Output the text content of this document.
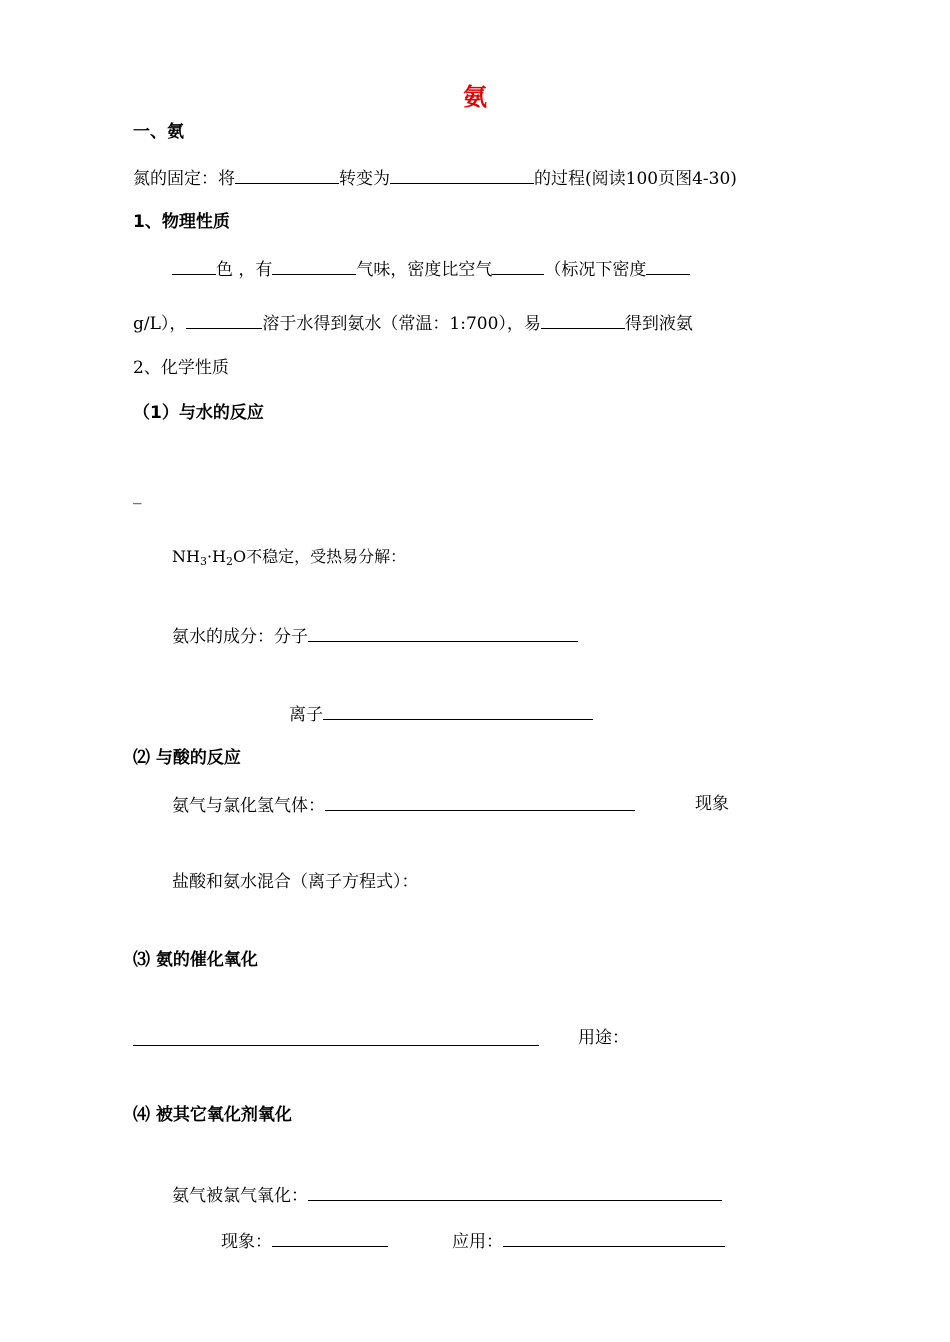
氨
一、氨
氮的固定：将	转变为	的过程(阅读100页图4-30)
1、物理性质
色 ，有	气味，密度比空气	（标况下密度
g/L），	溶于水得到氨水（常温：1:700），易	得到液氨
2、化学性质
（1）与水的反应
_
$NH_3\cdot H_2O$不稳定，受热易分解：
氨水的成分：分子
离子
⑵ 与酸的反应
氨气与氯化氢气体：	现象
盐酸和氨水混合（离子方程式）：
⑶ 氨的催化氧化
用途：
⑷ 被其它氧化剂氧化
氨气被氯气氧化：
现象：	应用：
